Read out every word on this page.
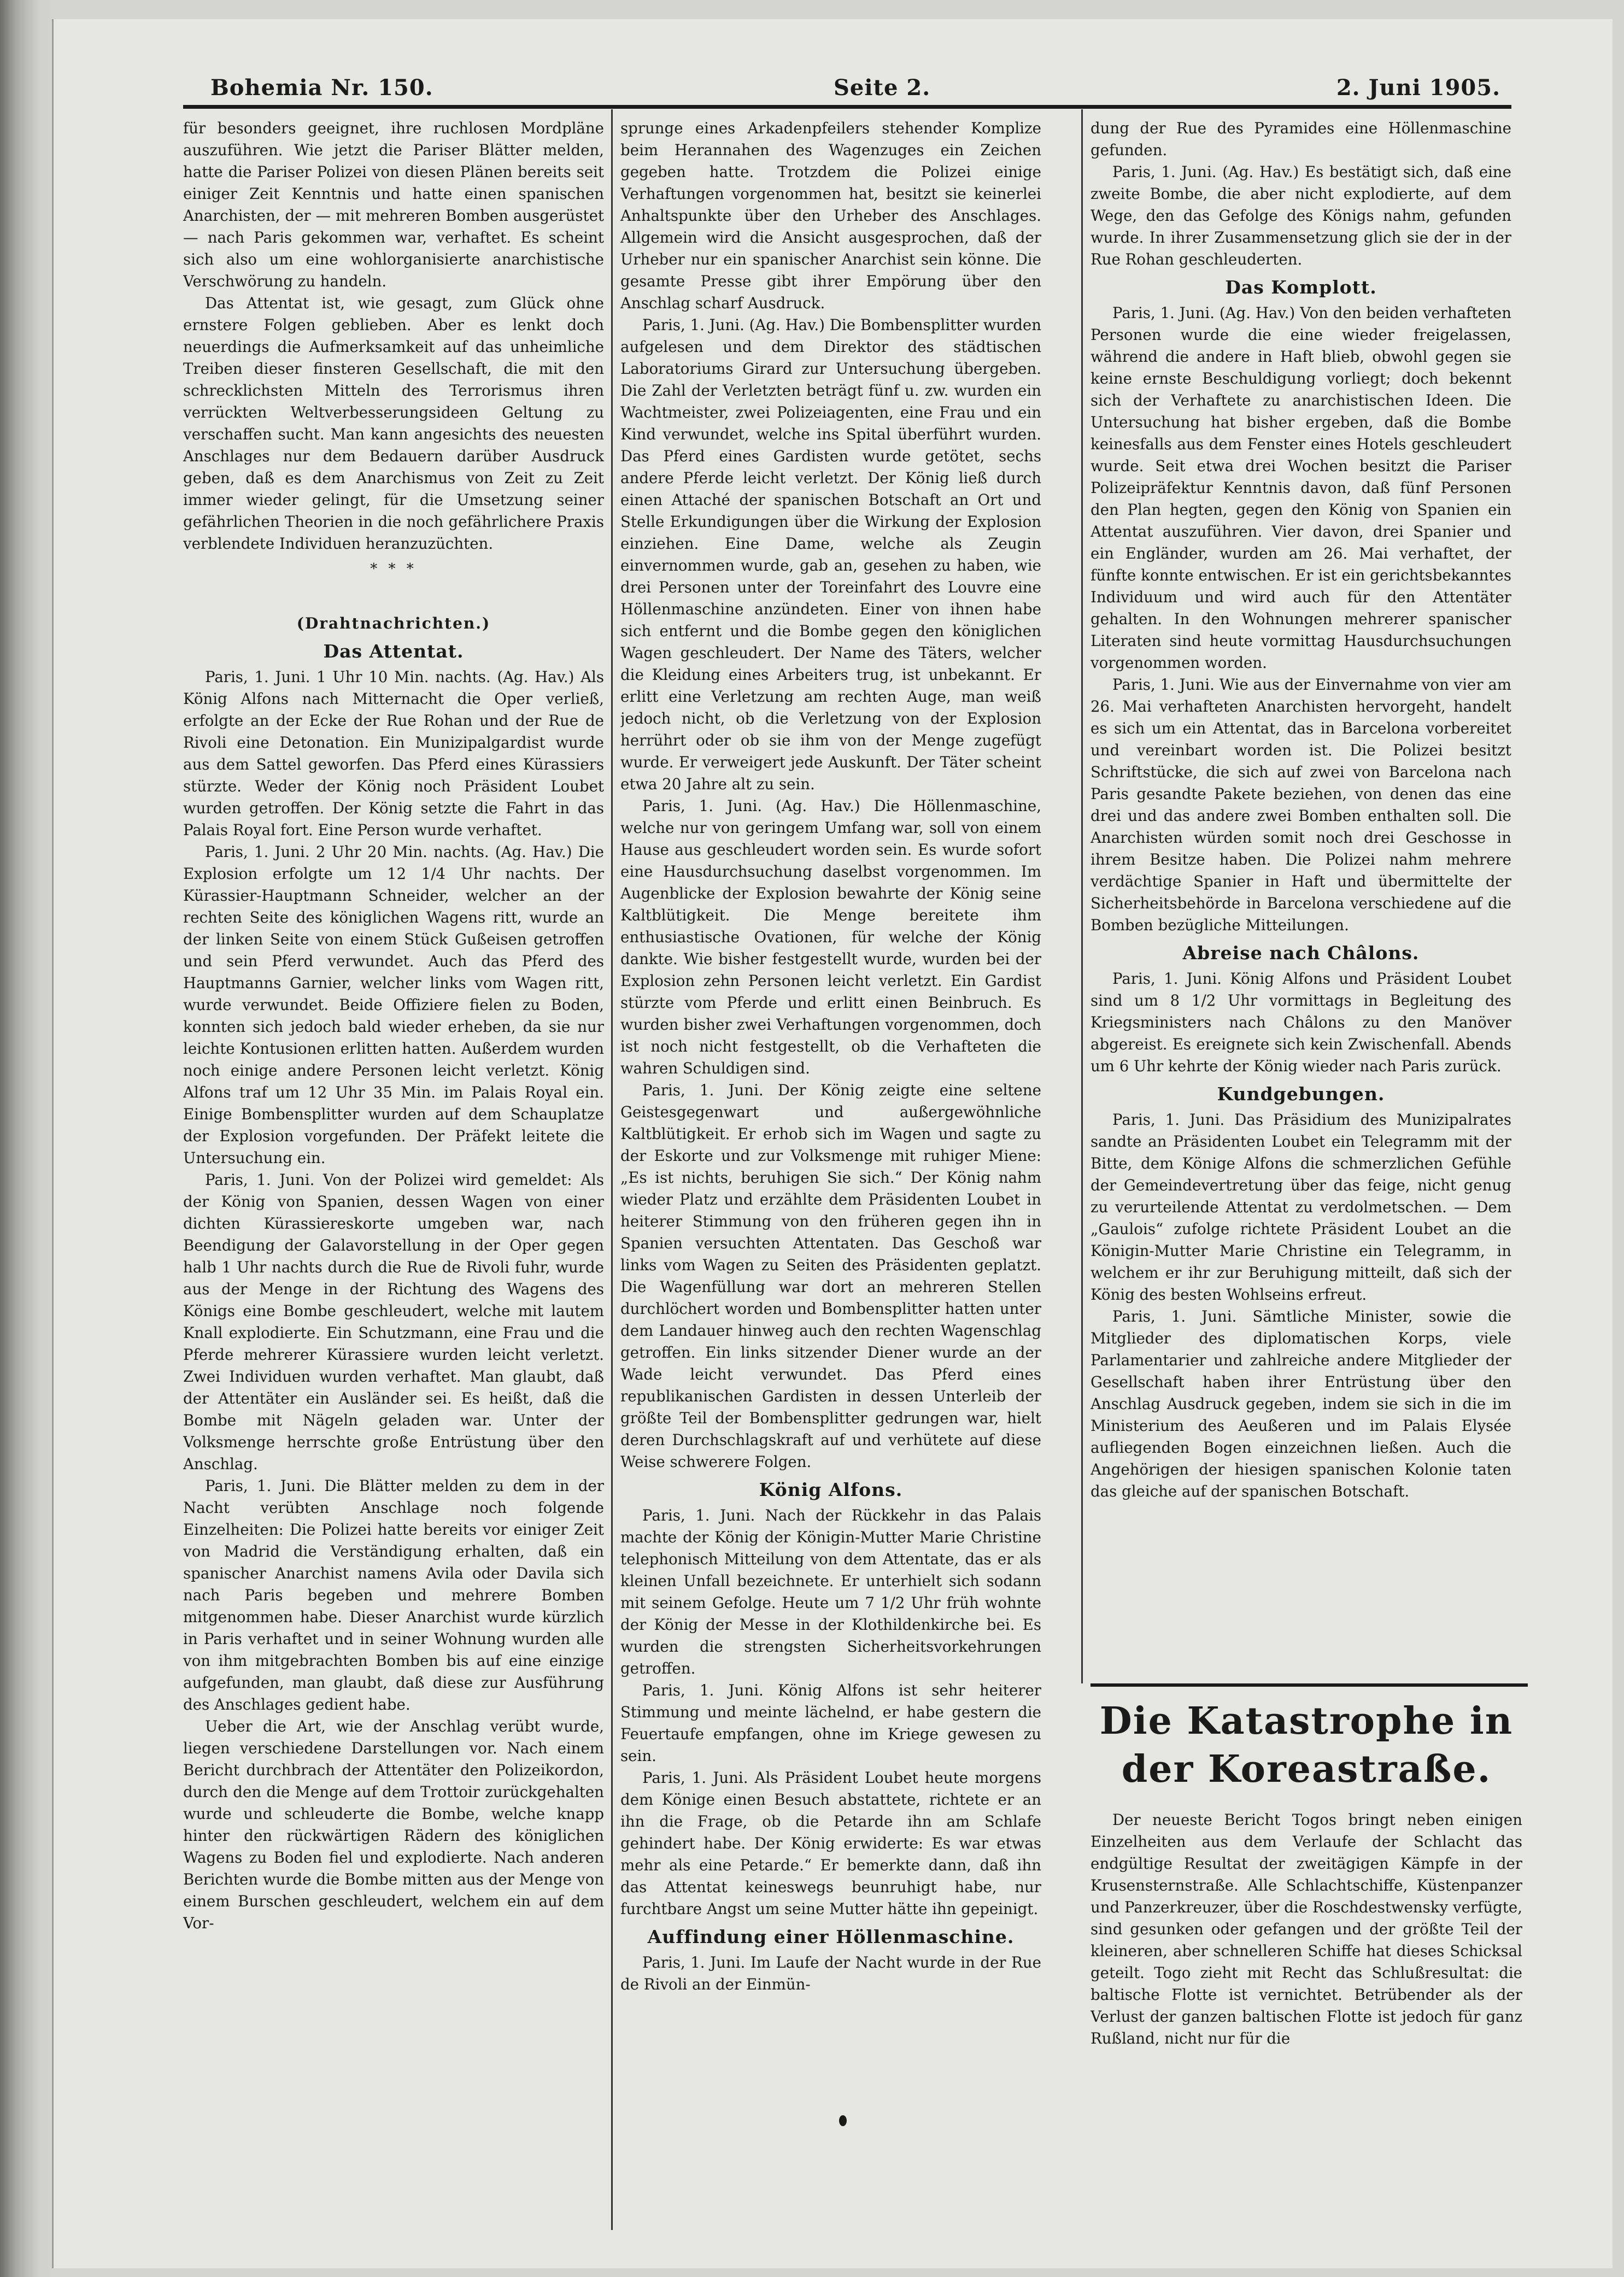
Bohemia Nr. 150.	Seite 2.	2. Juni 1905.

für besonders geeignet, ihre ruchlosen Mordpläne auszuführen. Wie jetzt die Pariser Blätter melden, hatte die Pariser Polizei von diesen Plänen bereits seit einiger Zeit Kenntnis und hatte einen spanischen Anarchisten, der — mit mehreren Bomben ausgerüstet — nach Paris gekommen war, verhaftet. Es scheint sich also um eine wohlorganisierte anarchistische Verschwörung zu handeln.

Das Attentat ist, wie gesagt, zum Glück ohne ernstere Folgen geblieben. Aber es lenkt doch neuerdings die Aufmerksamkeit auf das unheimliche Treiben dieser finsteren Gesellschaft, die mit den schrecklichsten Mitteln des Terrorismus ihren verrückten Weltverbesserungsideen Geltung zu verschaffen sucht. Man kann angesichts des neuesten Anschlages nur dem Bedauern darüber Ausdruck geben, daß es dem Anarchismus von Zeit zu Zeit immer wieder gelingt, für die Umsetzung seiner gefährlichen Theorien in die noch gefährlichere Praxis verblendete Individuen heranzuzüchten.

* * *
(Drahtnachrichten.)
Das Attentat.

Paris, 1. Juni. 1 Uhr 10 Min. nachts. (Ag. Hav.) Als König Alfons nach Mitternacht die Oper verließ, erfolgte an der Ecke der Rue Rohan und der Rue de Rivoli eine Detonation. Ein Munizipalgardist wurde aus dem Sattel geworfen. Das Pferd eines Kürassiers stürzte. Weder der König noch Präsident Loubet wurden getroffen. Der König setzte die Fahrt in das Palais Royal fort. Eine Person wurde verhaftet.

Paris, 1. Juni. 2 Uhr 20 Min. nachts. (Ag. Hav.) Die Explosion erfolgte um 12 1/4 Uhr nachts. Der Kürassier-Hauptmann Schneider, welcher an der rechten Seite des königlichen Wagens ritt, wurde an der linken Seite von einem Stück Gußeisen getroffen und sein Pferd verwundet. Auch das Pferd des Hauptmanns Garnier, welcher links vom Wagen ritt, wurde verwundet. Beide Offiziere fielen zu Boden, konnten sich jedoch bald wieder erheben, da sie nur leichte Kontusionen erlitten hatten. Außerdem wurden noch einige andere Personen leicht verletzt. König Alfons traf um 12 Uhr 35 Min. im Palais Royal ein. Einige Bombensplitter wurden auf dem Schauplatze der Explosion vorgefunden. Der Präfekt leitete die Untersuchung ein.

Paris, 1. Juni. Von der Polizei wird gemeldet: Als der König von Spanien, dessen Wagen von einer dichten Kürassiereskorte umgeben war, nach Beendigung der Galavorstellung in der Oper gegen halb 1 Uhr nachts durch die Rue de Rivoli fuhr, wurde aus der Menge in der Richtung des Wagens des Königs eine Bombe geschleudert, welche mit lautem Knall explodierte. Ein Schutzmann, eine Frau und die Pferde mehrerer Kürassiere wurden leicht verletzt. Zwei Individuen wurden verhaftet. Man glaubt, daß der Attentäter ein Ausländer sei. Es heißt, daß die Bombe mit Nägeln geladen war. Unter der Volksmenge herrschte große Entrüstung über den Anschlag.

Paris, 1. Juni. Die Blätter melden zu dem in der Nacht verübten Anschlage noch folgende Einzelheiten: Die Polizei hatte bereits vor einiger Zeit von Madrid die Verständigung erhalten, daß ein spanischer Anarchist namens Avila oder Davila sich nach Paris begeben und mehrere Bomben mitgenommen habe. Dieser Anarchist wurde kürzlich in Paris verhaftet und in seiner Wohnung wurden alle von ihm mitgebrachten Bomben bis auf eine einzige aufgefunden, man glaubt, daß diese zur Ausführung des Anschlages gedient habe.

Ueber die Art, wie der Anschlag verübt wurde, liegen verschiedene Darstellungen vor. Nach einem Bericht durchbrach der Attentäter den Polizeikordon, durch den die Menge auf dem Trottoir zurückgehalten wurde und schleuderte die Bombe, welche knapp hinter den rückwärtigen Rädern des königlichen Wagens zu Boden fiel und explodierte. Nach anderen Berichten wurde die Bombe mitten aus der Menge von einem Burschen geschleudert, welchem ein auf dem Vor-

sprunge eines Arkadenpfeilers stehender Komplize beim Herannahen des Wagenzuges ein Zeichen gegeben hatte. Trotzdem die Polizei einige Verhaftungen vorgenommen hat, besitzt sie keinerlei Anhaltspunkte über den Urheber des Anschlages. Allgemein wird die Ansicht ausgesprochen, daß der Urheber nur ein spanischer Anarchist sein könne. Die gesamte Presse gibt ihrer Empörung über den Anschlag scharf Ausdruck.

Paris, 1. Juni. (Ag. Hav.) Die Bombensplitter wurden aufgelesen und dem Direktor des städtischen Laboratoriums Girard zur Untersuchung übergeben. Die Zahl der Verletzten beträgt fünf u. zw. wurden ein Wachtmeister, zwei Polizeiagenten, eine Frau und ein Kind verwundet, welche ins Spital überführt wurden. Das Pferd eines Gardisten wurde getötet, sechs andere Pferde leicht verletzt. Der König ließ durch einen Attaché der spanischen Botschaft an Ort und Stelle Erkundigungen über die Wirkung der Explosion einziehen. Eine Dame, welche als Zeugin einvernommen wurde, gab an, gesehen zu haben, wie drei Personen unter der Toreinfahrt des Louvre eine Höllenmaschine anzündeten. Einer von ihnen habe sich entfernt und die Bombe gegen den königlichen Wagen geschleudert. Der Name des Täters, welcher die Kleidung eines Arbeiters trug, ist unbekannt. Er erlitt eine Verletzung am rechten Auge, man weiß jedoch nicht, ob die Verletzung von der Explosion herrührt oder ob sie ihm von der Menge zugefügt wurde. Er verweigert jede Auskunft. Der Täter scheint etwa 20 Jahre alt zu sein.

Paris, 1. Juni. (Ag. Hav.) Die Höllenmaschine, welche nur von geringem Umfang war, soll von einem Hause aus geschleudert worden sein. Es wurde sofort eine Hausdurchsuchung daselbst vorgenommen. Im Augenblicke der Explosion bewahrte der König seine Kaltblütigkeit. Die Menge bereitete ihm enthusiastische Ovationen, für welche der König dankte. Wie bisher festgestellt wurde, wurden bei der Explosion zehn Personen leicht verletzt. Ein Gardist stürzte vom Pferde und erlitt einen Beinbruch. Es wurden bisher zwei Verhaftungen vorgenommen, doch ist noch nicht festgestellt, ob die Verhafteten die wahren Schuldigen sind.

Paris, 1. Juni. Der König zeigte eine seltene Geistesgegenwart und außergewöhnliche Kaltblütigkeit. Er erhob sich im Wagen und sagte zu der Eskorte und zur Volksmenge mit ruhiger Miene: „Es ist nichts, beruhigen Sie sich.“ Der König nahm wieder Platz und erzählte dem Präsidenten Loubet in heiterer Stimmung von den früheren gegen ihn in Spanien versuchten Attentaten. Das Geschoß war links vom Wagen zu Seiten des Präsidenten geplatzt. Die Wagenfüllung war dort an mehreren Stellen durchlöchert worden und Bombensplitter hatten unter dem Landauer hinweg auch den rechten Wagenschlag getroffen. Ein links sitzender Diener wurde an der Wade leicht verwundet. Das Pferd eines republikanischen Gardisten in dessen Unterleib der größte Teil der Bombensplitter gedrungen war, hielt deren Durchschlagskraft auf und verhütete auf diese Weise schwerere Folgen.

König Alfons.

Paris, 1. Juni. Nach der Rückkehr in das Palais machte der König der Königin-Mutter Marie Christine telephonisch Mitteilung von dem Attentate, das er als kleinen Unfall bezeichnete. Er unterhielt sich sodann mit seinem Gefolge. Heute um 7 1/2 Uhr früh wohnte der König der Messe in der Klothildenkirche bei. Es wurden die strengsten Sicherheitsvorkehrungen getroffen.

Paris, 1. Juni. König Alfons ist sehr heiterer Stimmung und meinte lächelnd, er habe gestern die Feuertaufe empfangen, ohne im Kriege gewesen zu sein.

Paris, 1. Juni. Als Präsident Loubet heute morgens dem Könige einen Besuch abstattete, richtete er an ihn die Frage, ob die Petarde ihn am Schlafe gehindert habe. Der König erwiderte: Es war etwas mehr als eine Petarde.“ Er bemerkte dann, daß ihn das Attentat keineswegs beunruhigt habe, nur furchtbare Angst um seine Mutter hätte ihn gepeinigt.

Auffindung einer Höllenmaschine.

Paris, 1. Juni. Im Laufe der Nacht wurde in der Rue de Rivoli an der Einmün-

dung der Rue des Pyramides eine Höllenmaschine gefunden.

Paris, 1. Juni. (Ag. Hav.) Es bestätigt sich, daß eine zweite Bombe, die aber nicht explodierte, auf dem Wege, den das Gefolge des Königs nahm, gefunden wurde. In ihrer Zusammensetzung glich sie der in der Rue Rohan geschleuderten.

Das Komplott.

Paris, 1. Juni. (Ag. Hav.) Von den beiden verhafteten Personen wurde die eine wieder freigelassen, während die andere in Haft blieb, obwohl gegen sie keine ernste Beschuldigung vorliegt; doch bekennt sich der Verhaftete zu anarchistischen Ideen. Die Untersuchung hat bisher ergeben, daß die Bombe keinesfalls aus dem Fenster eines Hotels geschleudert wurde. Seit etwa drei Wochen besitzt die Pariser Polizeipräfektur Kenntnis davon, daß fünf Personen den Plan hegten, gegen den König von Spanien ein Attentat auszuführen. Vier davon, drei Spanier und ein Engländer, wurden am 26. Mai verhaftet, der fünfte konnte entwischen. Er ist ein gerichtsbekanntes Individuum und wird auch für den Attentäter gehalten. In den Wohnungen mehrerer spanischer Literaten sind heute vormittag Hausdurchsuchungen vorgenommen worden.

Paris, 1. Juni. Wie aus der Einvernahme von vier am 26. Mai verhafteten Anarchisten hervorgeht, handelt es sich um ein Attentat, das in Barcelona vorbereitet und vereinbart worden ist. Die Polizei besitzt Schriftstücke, die sich auf zwei von Barcelona nach Paris gesandte Pakete beziehen, von denen das eine drei und das andere zwei Bomben enthalten soll. Die Anarchisten würden somit noch drei Geschosse in ihrem Besitze haben. Die Polizei nahm mehrere verdächtige Spanier in Haft und übermittelte der Sicherheitsbehörde in Barcelona verschiedene auf die Bomben bezügliche Mitteilungen.

Abreise nach Châlons.

Paris, 1. Juni. König Alfons und Präsident Loubet sind um 8 1/2 Uhr vormittags in Begleitung des Kriegsministers nach Châlons zu den Manöver abgereist. Es ereignete sich kein Zwischenfall. Abends um 6 Uhr kehrte der König wieder nach Paris zurück.

Kundgebungen.

Paris, 1. Juni. Das Präsidium des Munizipalrates sandte an Präsidenten Loubet ein Telegramm mit der Bitte, dem Könige Alfons die schmerzlichen Gefühle der Gemeindevertretung über das feige, nicht genug zu verurteilende Attentat zu verdolmetschen. — Dem „Gaulois“ zufolge richtete Präsident Loubet an die Königin-Mutter Marie Christine ein Telegramm, in welchem er ihr zur Beruhigung mitteilt, daß sich der König des besten Wohlseins erfreut.

Paris, 1. Juni. Sämtliche Minister, sowie die Mitglieder des diplomatischen Korps, viele Parlamentarier und zahlreiche andere Mitglieder der Gesellschaft haben ihrer Entrüstung über den Anschlag Ausdruck gegeben, indem sie sich in die im Ministerium des Aeußeren und im Palais Elysée aufliegenden Bogen einzeichnen ließen. Auch die Angehörigen der hiesigen spanischen Kolonie taten das gleiche auf der spanischen Botschaft.

Die Katastrophe in der Koreastraße.

Der neueste Bericht Togos bringt neben einigen Einzelheiten aus dem Verlaufe der Schlacht das endgültige Resultat der zweitägigen Kämpfe in der Krusensternstraße. Alle Schlachtschiffe, Küstenpanzer und Panzerkreuzer, über die Roschdestwensky verfügte, sind gesunken oder gefangen und der größte Teil der kleineren, aber schnelleren Schiffe hat dieses Schicksal geteilt. Togo zieht mit Recht das Schlußresultat: die baltische Flotte ist vernichtet. Betrübender als der Verlust der ganzen baltischen Flotte ist jedoch für ganz Rußland, nicht nur für die
